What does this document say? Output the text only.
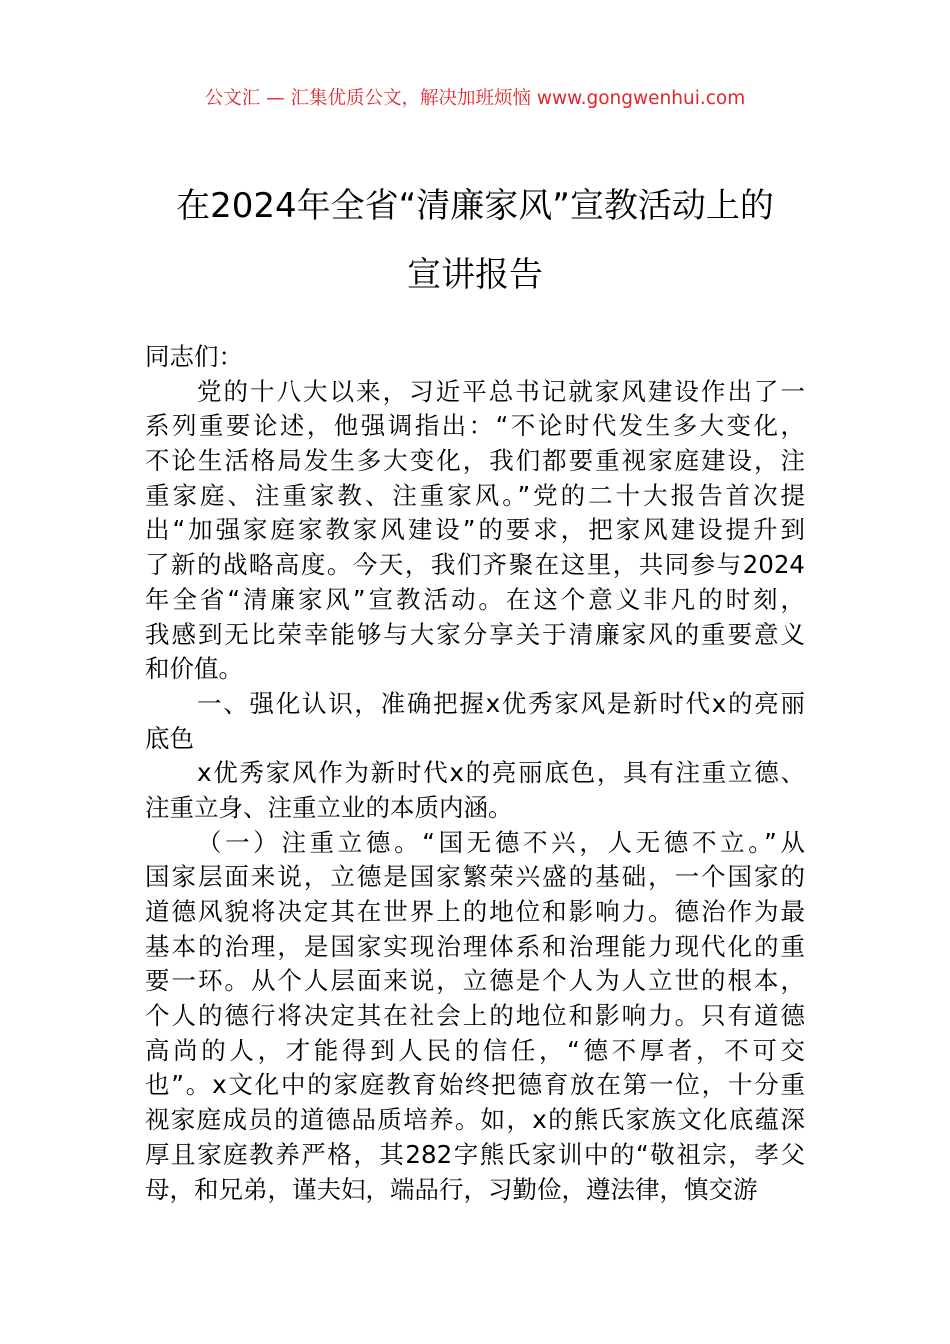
公文汇 — 汇集优质公文，解决加班烦恼 www.gongwenhui.com
在2024年全省“清廉家风”宣教活动上的
宣讲报告
同志们：
党的十八大以来，习近平总书记就家风建设作出了一
系列重要论述，他强调指出：“不论时代发生多大变化，
不论生活格局发生多大变化，我们都要重视家庭建设，注
重家庭、注重家教、注重家风。”党的二十大报告首次提
出“加强家庭家教家风建设”的要求，把家风建设提升到
了新的战略高度。今天，我们齐聚在这里，共同参与2024
年全省“清廉家风”宣教活动。在这个意义非凡的时刻，
我感到无比荣幸能够与大家分享关于清廉家风的重要意义
和价值。
一、强化认识，准确把握x优秀家风是新时代x的亮丽
底色
x优秀家风作为新时代x的亮丽底色，具有注重立德、
注重立身、注重立业的本质内涵。
（一）注重立德。“国无德不兴，人无德不立。”从
国家层面来说，立德是国家繁荣兴盛的基础，一个国家的
道德风貌将决定其在世界上的地位和影响力。德治作为最
基本的治理，是国家实现治理体系和治理能力现代化的重
要一环。从个人层面来说，立德是个人为人立世的根本，
个人的德行将决定其在社会上的地位和影响力。只有道德
高尚的人，才能得到人民的信任，“德不厚者，不可交
也”。x文化中的家庭教育始终把德育放在第一位，十分重
视家庭成员的道德品质培养。如，x的熊氏家族文化底蕴深
厚且家庭教养严格，其282字熊氏家训中的“敬祖宗，孝父
母，和兄弟，谨夫妇，端品行，习勤俭，遵法律，慎交游
